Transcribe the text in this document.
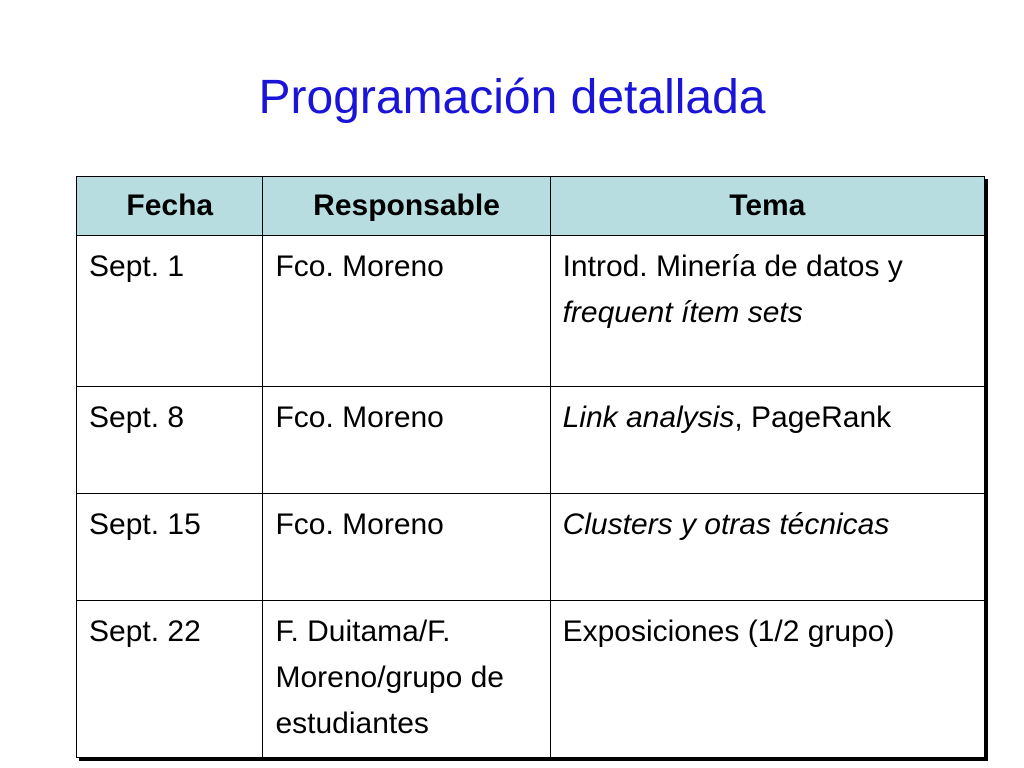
Programación detallada
Fecha	Responsable	Tema
Sept. 1	Fco. Moreno	Introd. Minería de datos y frequent ítem sets
Sept. 8	Fco. Moreno	Link analysis, PageRank
Sept. 15	Fco. Moreno	Clusters y otras técnicas
Sept. 22	F. Duitama/F. Moreno/grupo de estudiantes	Exposiciones (1/2 grupo)
